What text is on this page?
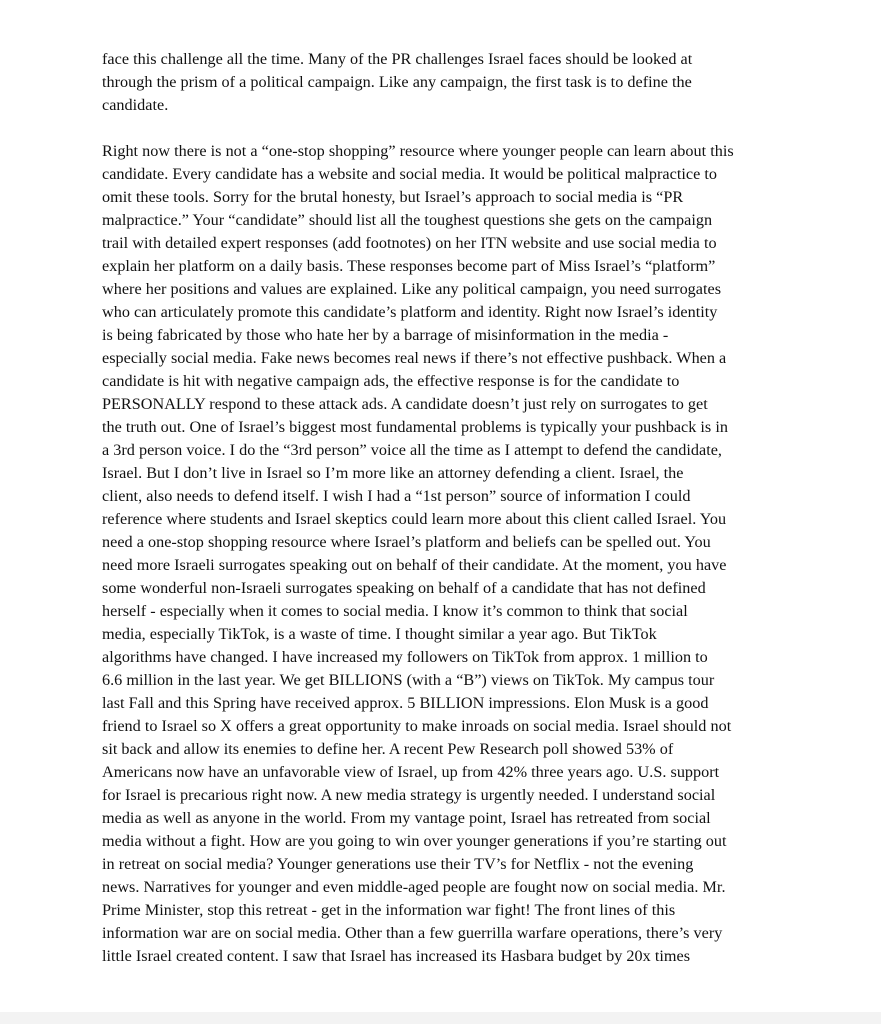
face this challenge all the time. Many of the PR challenges Israel faces should be looked at
through the prism of a political campaign. Like any campaign, the first task is to define the
candidate.
Right now there is not a “one-stop shopping” resource where younger people can learn about this
candidate. Every candidate has a website and social media. It would be political malpractice to
omit these tools. Sorry for the brutal honesty, but Israel’s approach to social media is “PR
malpractice.” Your “candidate” should list all the toughest questions she gets on the campaign
trail with detailed expert responses (add footnotes) on her ITN website and use social media to
explain her platform on a daily basis. These responses become part of Miss Israel’s “platform”
where her positions and values are explained. Like any political campaign, you need surrogates
who can articulately promote this candidate’s platform and identity. Right now Israel’s identity
is being fabricated by those who hate her by a barrage of misinformation in the media -
especially social media. Fake news becomes real news if there’s not effective pushback. When a
candidate is hit with negative campaign ads, the effective response is for the candidate to
PERSONALLY respond to these attack ads. A candidate doesn’t just rely on surrogates to get
the truth out. One of Israel’s biggest most fundamental problems is typically your pushback is in
a 3rd person voice. I do the “3rd person” voice all the time as I attempt to defend the candidate,
Israel. But I don’t live in Israel so I’m more like an attorney defending a client. Israel, the
client, also needs to defend itself. I wish I had a “1st person” source of information I could
reference where students and Israel skeptics could learn more about this client called Israel. You
need a one-stop shopping resource where Israel’s platform and beliefs can be spelled out. You
need more Israeli surrogates speaking out on behalf of their candidate. At the moment, you have
some wonderful non-Israeli surrogates speaking on behalf of a candidate that has not defined
herself - especially when it comes to social media. I know it’s common to think that social
media, especially TikTok, is a waste of time. I thought similar a year ago. But TikTok
algorithms have changed. I have increased my followers on TikTok from approx. 1 million to
6.6 million in the last year. We get BILLIONS (with a “B”) views on TikTok. My campus tour
last Fall and this Spring have received approx. 5 BILLION impressions. Elon Musk is a good
friend to Israel so X offers a great opportunity to make inroads on social media. Israel should not
sit back and allow its enemies to define her. A recent Pew Research poll showed 53% of
Americans now have an unfavorable view of Israel, up from 42% three years ago. U.S. support
for Israel is precarious right now. A new media strategy is urgently needed. I understand social
media as well as anyone in the world. From my vantage point, Israel has retreated from social
media without a fight. How are you going to win over younger generations if you’re starting out
in retreat on social media? Younger generations use their TV’s for Netflix - not the evening
news. Narratives for younger and even middle-aged people are fought now on social media. Mr.
Prime Minister, stop this retreat - get in the information war fight! The front lines of this
information war are on social media. Other than a few guerrilla warfare operations, there’s very
little Israel created content. I saw that Israel has increased its Hasbara budget by 20x times
